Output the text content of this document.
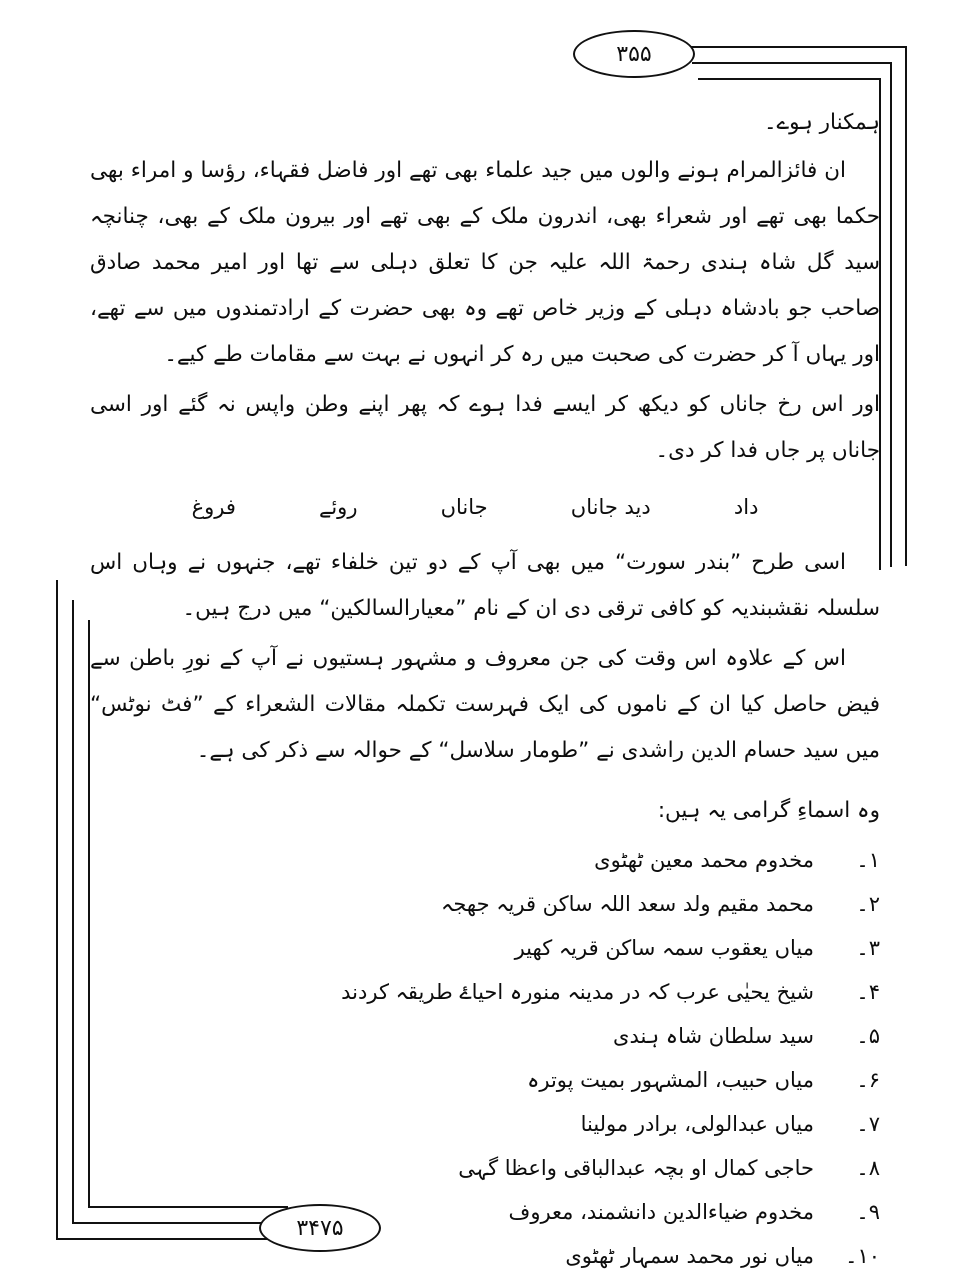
۳۵۵
۳۴۷۵

ہمکنار ہوے۔

ان فائزالمرام ہونے والوں میں جید علماء بھی تھے اور فاضل فقہاء، رؤسا و امراء بھی حکما بھی تھے اور شعراء بھی، اندرون ملک کے بھی تھے اور بیرون ملک کے بھی، چنانچہ سید گل شاہ ہندی رحمۃ اللہ علیہ جن کا تعلق دہلی سے تھا اور امیر محمد صادق صاحب جو بادشاہ دہلی کے وزیر خاص تھے وہ بھی حضرت کے ارادتمندوں میں سے تھے، اور یہاں آ کر حضرت کی صحبت میں رہ کر انہوں نے بہت سے مقامات طے کیے۔

اور اس رخ جاناں کو دیکھ کر ایسے فدا ہوے کہ پھر اپنے وطن واپس نہ گئے اور اسی جاناں پر جاں فدا کر دی۔

فروغ	روئے	جاناں	دید جاناں	داد

اسی طرح ”بندر سورت“ میں بھی آپ کے دو تین خلفاء تھے، جنہوں نے وہاں اس سلسلہ نقشبندیہ کو کافی ترقی دی ان کے نام ”معیارالسالکین“ میں درج ہیں۔

اس کے علاوہ اس وقت کی جن معروف و مشہور ہستیوں نے آپ کے نورِ باطن سے فیض حاصل کیا ان کے ناموں کی ایک فہرست تکملہ مقالات الشعراء کے ”فٹ نوٹس“ میں سید حسام الدین راشدی نے ”طومار سلاسل“ کے حوالہ سے ذکر کی ہے۔

وہ اسماءِ گرامی یہ ہیں:

۱۔
مخدوم محمد معین ٹھٹوی
۲۔
محمد مقیم ولد سعد اللہ ساکن قریہ جھجہ
۳۔
میاں یعقوب سمہ ساکن قریہ کھیر
۴۔
شیخ یحیٰی عرب کہ در مدینہ منورہ احیاۓ طریقہ کردند
۵۔
سید سلطان شاہ ہندی
۶۔
میاں حبیب، المشہور بمیت پوترہ
۷۔
میاں عبدالولی، برادر مولینا
۸۔
حاجی کمال او بچہ عبدالباقی واعظا گہی
۹۔
مخدوم ضیاءالدین دانشمند، معروف
۱۰۔
میاں نور محمد سمہار ٹھٹوی
